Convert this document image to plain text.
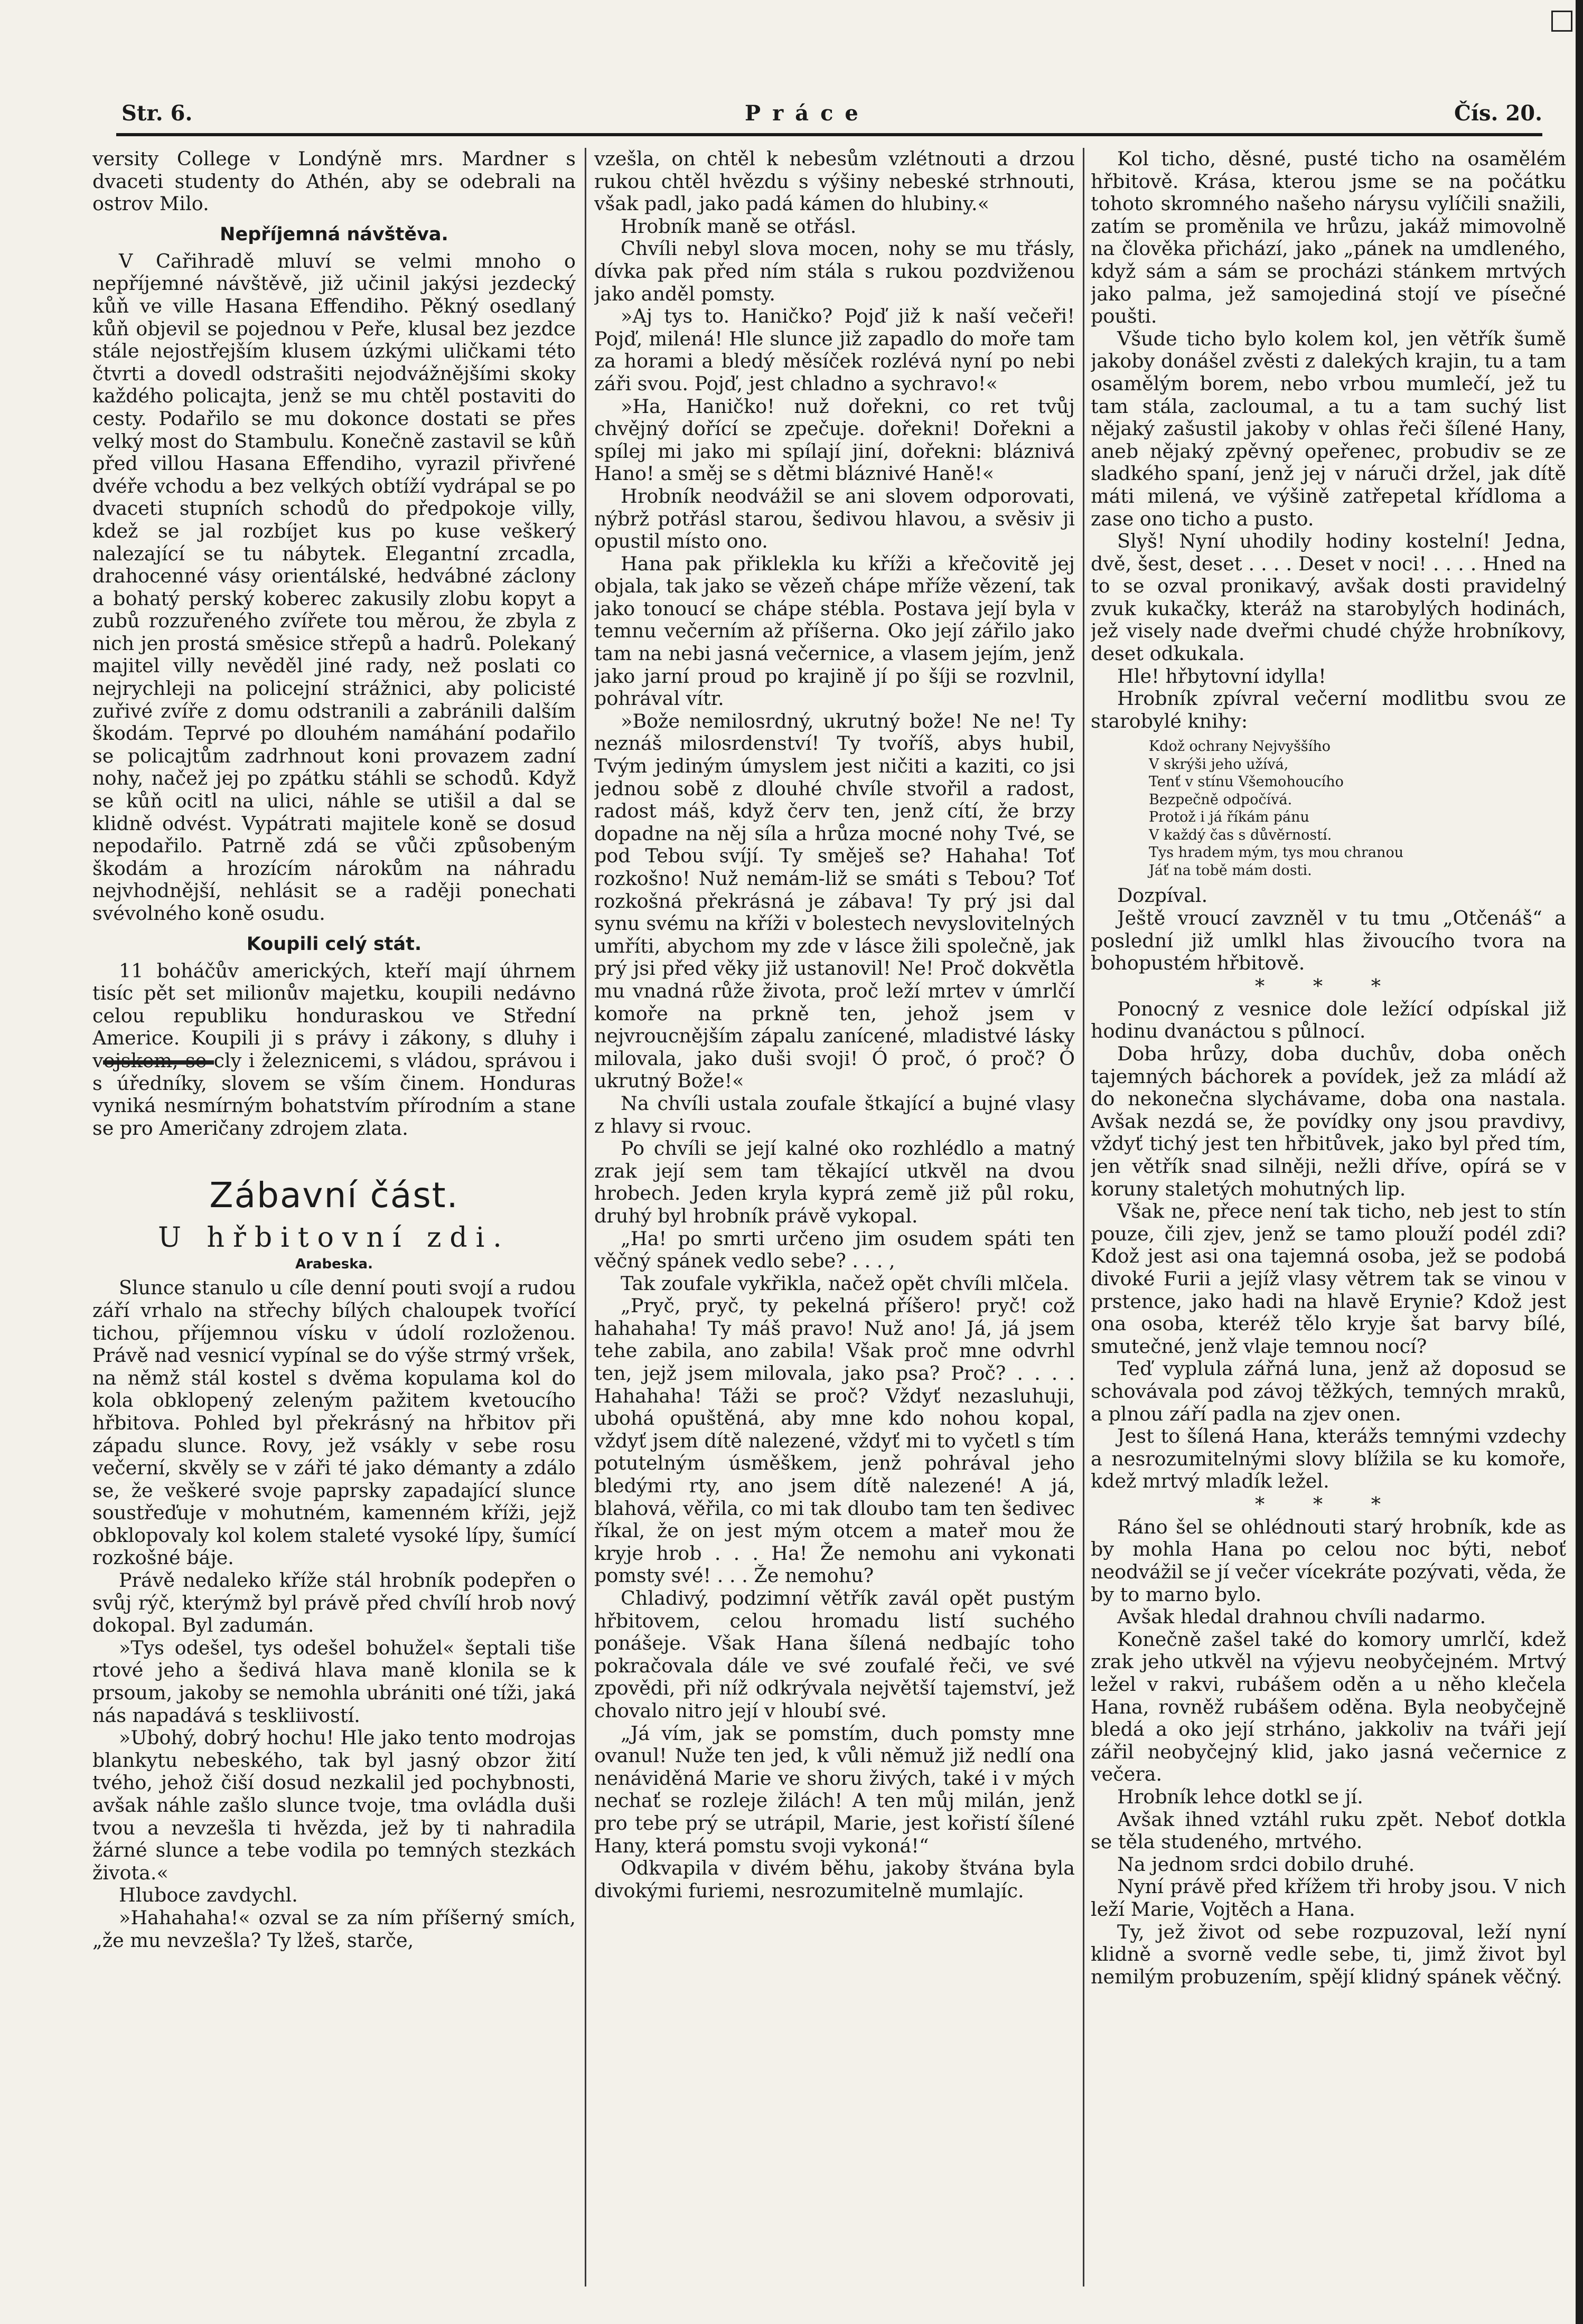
Str. 6.	Práce	Čís. 20.

versity College v Londýně mrs. Mardner s dvaceti studenty do Athén, aby se odebrali na ostrov Milo.

Nepříjemná návštěva.

V Cařihradě mluví se velmi mnoho o nepříjemné návštěvě, již učinil jakýsi jezdecký kůň ve ville Hasana Effendiho. Pěkný osedlaný kůň objevil se pojednou v Peře, klusal bez jezdce stále nejostřejším klusem úzkými uličkami této čtvrti a dovedl odstrašiti nejodvážnějšími skoky každého policajta, jenž se mu chtěl postaviti do cesty. Podařilo se mu dokonce dostati se přes velký most do Stambulu. Konečně zastavil se kůň před villou Hasana Effendiho, vyrazil přivřené dvéře vchodu a bez velkých obtíží vydrápal se po dvaceti stupních schodů do předpokoje villy, kdež se jal rozbíjet kus po kuse veškerý nalezající se tu nábytek. Elegantní zrcadla, drahocenné vásy orientálské, hedvábné záclony a bohatý perský koberec zakusily zlobu kopyt a zubů rozzuřeného zvířete tou měrou, že zbyla z nich jen prostá směsice střepů a hadrů. Polekaný majitel villy nevěděl jiné rady, než poslati co nejrychleji na policejní strážnici, aby policisté zuřivé zvíře z domu odstranili a zabránili dalším škodám. Teprvé po dlouhém namáhání podařilo se policajtům zadrhnout koni provazem zadní nohy, načež jej po zpátku stáhli se schodů. Když se kůň ocitl na ulici, náhle se utišil a dal se klidně odvést. Vypátrati majitele koně se dosud nepodařilo. Patrně zdá se vůči způsobeným škodám a hrozícím nárokům na náhradu nejvhodnější, nehlásit se a raději ponechati svévolného koně osudu.

Koupili celý stát.

11 boháčův amerických, kteří mají úhrnem tisíc pět set milionův majetku, koupili nedávno celou republiku honduraskou ve Střední Americe. Koupili ji s právy i zákony, s dluhy i vojskem, se cly i železnicemi, s vládou, správou i s úředníky, slovem se vším činem. Honduras vyniká nesmírným bohatstvím přírodním a stane se pro Američany zdrojem zlata.

Zábavní část.
U hřbitovní zdi.
Arabeska.

Slunce stanulo u cíle denní pouti svojí a rudou září vrhalo na střechy bílých chaloupek tvořící tichou, příjemnou vísku v údolí rozloženou. Právě nad vesnicí vypínal se do výše strmý vršek, na němž stál kostel s dvěma kopulama kol do kola obklopený zeleným pažitem kvetoucího hřbitova. Pohled byl překrásný na hřbitov při západu slunce. Rovy, jež vsákly v sebe rosu večerní, skvěly se v záři té jako démanty a zdálo se, že veškeré svoje paprsky zapadající slunce soustřeďuje v mohutném, kamenném kříži, jejž obklopovaly kol kolem staleté vysoké lípy, šumící rozkošné báje.

Právě nedaleko kříže stál hrobník podepřen o svůj rýč, kterýmž byl právě před chvílí hrob nový dokopal. Byl zadumán.

»Tys odešel, tys odešel bohužel« šeptali tiše rtové jeho a šedivá hlava maně klonila se k prsoum, jakoby se nemohla ubrániti oné tíži, jaká nás napadává s teskliivostí.

»Ubohý, dobrý hochu! Hle jako tento modrojas blankytu nebeského, tak byl jasný obzor žití tvého, jehož čiší dosud nezkalil jed pochybnosti, avšak náhle zašlo slunce tvoje, tma ovládla duši tvou a nevzešla ti hvězda, jež by ti nahradila žárné slunce a tebe vodila po temných stezkách života.«

Hluboce zavdychl.

»Hahahaha!« ozval se za ním příšerný smích, „že mu nevzešla? Ty lžeš, starče,

vzešla, on chtěl k nebesům vzlétnouti a drzou rukou chtěl hvězdu s výšiny nebeské strhnouti, však padl, jako padá kámen do hlubiny.«

Hrobník maně se otřásl.

Chvíli nebyl slova mocen, nohy se mu třásly, dívka pak před ním stála s rukou pozdviženou jako anděl pomsty.

»Aj tys to. Haničko? Pojď již k naší večeři! Pojď, milená! Hle slunce již zapadlo do moře tam za horami a bledý měsíček rozlévá nyní po nebi záři svou. Pojď, jest chladno a sychravo!«

»Ha, Haničko! nuž dořekni, co ret tvůj chvějný dořící se zpečuje. dořekni! Dořekni a spílej mi jako mi spílají jiní, dořekni: bláznivá Hano! a směj se s dětmi bláznivé Haně!«

Hrobník neodvážil se ani slovem odporovati, nýbrž potřásl starou, šedivou hlavou, a svěsiv ji opustil místo ono.

Hana pak přiklekla ku kříži a křečovitě jej objala, tak jako se vězeň chápe mříže vězení, tak jako tonoucí se chápe stébla. Postava její byla v temnu večerním až příšerna. Oko její zářilo jako tam na nebi jasná večernice, a vlasem jejím, jenž jako jarní proud po krajině jí po šíji se rozvlnil, pohrával vítr.

»Bože nemilosrdný, ukrutný bože! Ne ne! Ty neznáš milosrdenství! Ty tvoříš, abys hubil, Tvým jediným úmyslem jest ničiti a kaziti, co jsi jednou sobě z dlouhé chvíle stvořil a radost, radost máš, když červ ten, jenž cítí, že brzy dopadne na něj síla a hrůza mocné nohy Tvé, se pod Tebou svíjí. Ty směješ se? Hahaha! Toť rozkošno! Nuž nemám-liž se smáti s Tebou? Toť rozkošná překrásná je zábava! Ty prý jsi dal synu svému na kříži v bolestech nevyslovitelných umříti, abychom my zde v lásce žili společně, jak prý jsi před věky již ustanovil! Ne! Proč dokvětla mu vnadná růže života, proč leží mrtev v úmrlčí komoře na prkně ten, jehož jsem v nejvroucnějším zápalu zanícené, mladistvé lásky milovala, jako duši svoji! Ó proč, ó proč? Ó ukrutný Bože!«

Na chvíli ustala zoufale štkající a bujné vlasy z hlavy si rvouc.

Po chvíli se její kalné oko rozhlédlo a matný zrak její sem tam těkající utkvěl na dvou hrobech. Jeden kryla kyprá země již půl roku, druhý byl hrobník právě vykopal.

„Ha! po smrti určeno jim osudem spáti ten věčný spánek vedlo sebe? . . . ,

Tak zoufale vykřikla, načež opět chvíli mlčela.

„Pryč, pryč, ty pekelná příšero! pryč! což hahahaha! Ty máš pravo! Nuž ano! Já, já jsem tehe zabila, ano zabila! Však proč mne odvrhl ten, jejž jsem milovala, jako psa? Proč? . . . . Hahahaha! Táži se proč? Vždyť nezasluhuji, ubohá opuštěná, aby mne kdo nohou kopal, vždyť jsem dítě nalezené, vždyť mi to vyčetl s tím potutelným úsměškem, jenž pohrával jeho bledými rty, ano jsem dítě nalezené! A já, blahová, věřila, co mi tak dloubo tam ten šedivec říkal, že on jest mým otcem a mateř mou že kryje hrob . . . Ha! Že nemohu ani vykonati pomsty své! . . . Že nemohu?

Chladivý, podzimní větřík zavál opět pustým hřbitovem, celou hromadu listí suchého ponášeje. Však Hana šílená nedbajíc toho pokračovala dále ve své zoufalé řeči, ve své zpovědi, při níž odkrývala největší tajemství, jež chovalo nitro její v hloubí své.

„Já vím, jak se pomstím, duch pomsty mne ovanul! Nuže ten jed, k vůli němuž již nedlí ona nenáviděná Marie ve shoru živých, také i v mých nechať se rozleje žilách! A ten můj milán, jenž pro tebe prý se utrápil, Marie, jest kořistí šílené Hany, která pomstu svoji vykoná!“

Odkvapila v divém běhu, jakoby štvána byla divokými furiemi, nesrozumitelně mumlajíc.

Kol ticho, děsné, pusté ticho na osamělém hřbitově. Krása, kterou jsme se na počátku tohoto skromného našeho nárysu vylíčili snažili, zatím se proměnila ve hrůzu, jakáž mimovolně na člověka přichází, jako „pánek na umdleného, když sám a sám se procházi stánkem mrtvých jako palma, jež samojediná stojí ve písečné poušti.

Všude ticho bylo kolem kol, jen větřík šumě jakoby donášel zvěsti z dalekých krajin, tu a tam osamělým borem, nebo vrbou mumlečí, jež tu tam stála, zacloumal, a tu a tam suchý list nějaký zašustil jakoby v ohlas řeči šílené Hany, aneb nějaký zpěvný opeřenec, probudiv se ze sladkého spaní, jenž jej v náruči držel, jak dítě máti milená, ve výšině zatřepetal křídloma a zase ono ticho a pusto.

Slyš! Nyní uhodily hodiny kostelní! Jedna, dvě, šest, deset . . . . Deset v noci! . . . . Hned na to se ozval pronikavý, avšak dosti pravidelný zvuk kukačky, kteráž na starobylých hodinách, jež visely nade dveřmi chudé chýže hrobníkovy, deset odkukala.

Hle! hřbytovní idylla!

Hrobník zpívral večerní modlitbu svou ze starobylé knihy:

Kdož ochrany Nejvyššího
V skrýši jeho užívá,
Tenť v stínu Všemohoucího
Bezpečně odpočívá.
Protož i já říkám pánu
V každý čas s důvěrností.
Tys hradem mým, tys mou chranou
Jáť na tobě mám dosti.

Dozpíval.

Ještě vroucí zavzněl v tu tmu „Otčenáš“ a poslední již umlkl hlas živoucího tvora na bohopustém hřbitově.

* * *

Ponocný z vesnice dole ležící odpískal již hodinu dvanáctou s půlnocí.

Doba hrůzy, doba duchův, doba oněch tajemných báchorek a povídek, jež za mládí až do nekonečna slychávame, doba ona nastala. Avšak nezdá se, že povídky ony jsou pravdivy, vždyť tichý jest ten hřbitůvek, jako byl před tím, jen větřík snad silněji, nežli dříve, opírá se v koruny staletých mohutných lip.

Však ne, přece není tak ticho, neb jest to stín pouze, čili zjev, jenž se tamo plouží podél zdi? Kdož jest asi ona tajemná osoba, jež se podobá divoké Furii a jejíž vlasy větrem tak se vinou v prstence, jako hadi na hlavě Erynie? Kdož jest ona osoba, kteréž tělo kryje šat barvy bílé, smutečné, jenž vlaje temnou nocí?

Teď vyplula zářná luna, jenž až doposud se schovávala pod závoj těžkých, temných mraků, a plnou září padla na zjev onen.

Jest to šílená Hana, kterážs temnými vzdechy a nesrozumitelnými slovy blížila se ku komoře, kdež mrtvý mladík ležel.

* * *

Ráno šel se ohlédnouti starý hrobník, kde as by mohla Hana po celou noc býti, neboť neodvážil se jí večer vícekráte pozývati, věda, že by to marno bylo.

Avšak hledal drahnou chvíli nadarmo.

Konečně zašel také do komory umrlčí, kdež zrak jeho utkvěl na výjevu neobyčejném. Mrtvý ležel v rakvi, rubášem oděn a u něho klečela Hana, rovněž rubášem oděna. Byla neobyčejně bledá a oko její strháno, jakkoliv na tváři její zářil neobyčejný klid, jako jasná večernice z večera.

Hrobník lehce dotkl se jí.

Avšak ihned vztáhl ruku zpět. Neboť dotkla se těla studeného, mrtvého.

Na jednom srdci dobilo druhé.

Nyní právě před křížem tři hroby jsou. V nich leží Marie, Vojtěch a Hana.

Ty, jež život od sebe rozpuzoval, leží nyní klidně a svorně vedle sebe, ti, jimž život byl nemilým probuzením, spějí klidný spánek věčný.
